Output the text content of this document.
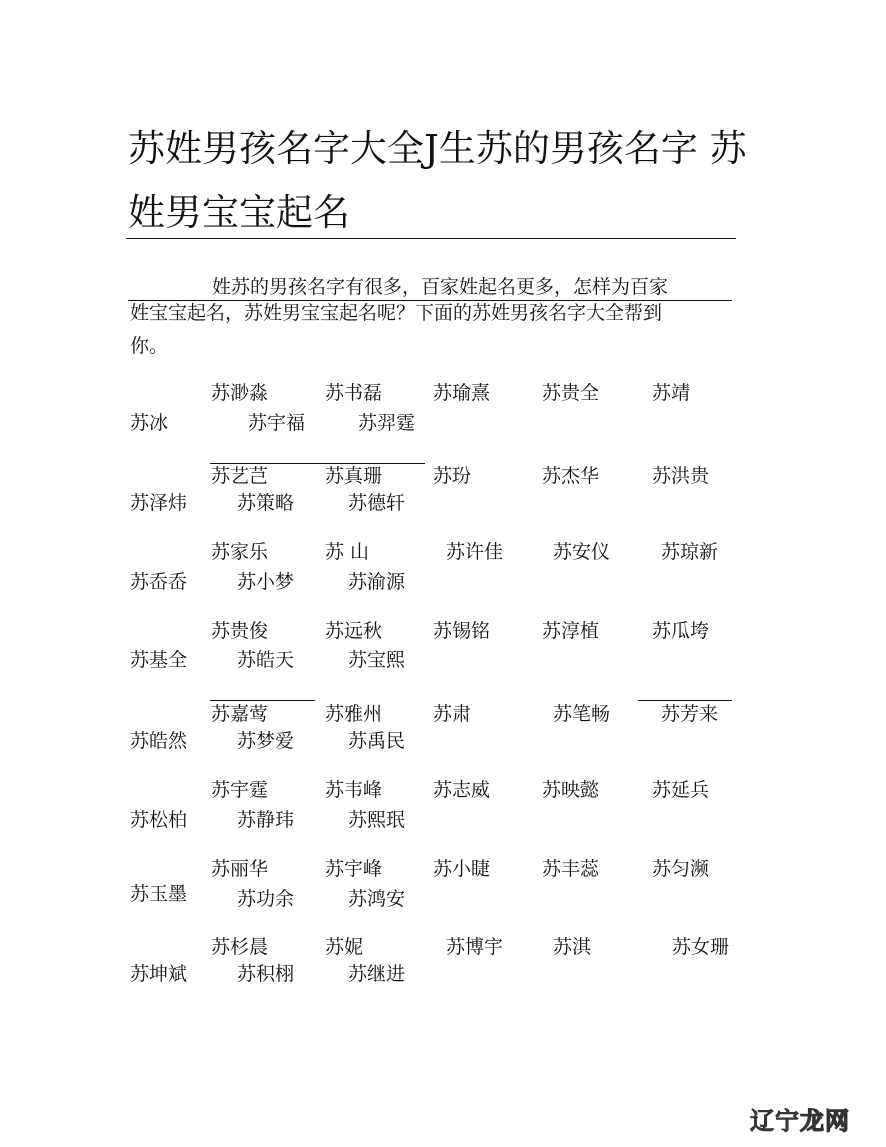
苏姓男孩名字大全J生苏的男孩名字 苏
姓男宝宝起名
姓苏的男孩名字有很多，百家姓起名更多，怎样为百家
姓宝宝起名，苏姓男宝宝起名呢？下面的苏姓男孩名字大全帮到
你。
苏渺淼	苏书磊	苏瑜熹	苏贵全	苏靖
苏冰	苏宇福	苏羿霆
苏艺芑	苏真珊	苏玢	苏杰华	苏洪贵
苏泽炜	苏策略	苏德轩
苏家乐	苏 山	苏许佳	苏安仪	苏琼新
苏岙岙	苏小梦	苏渝源
苏贵俊	苏远秋	苏锡铭	苏淳植	苏瓜垮
苏基全	苏皓天	苏宝熙
苏嘉莺	苏雅州	苏肃	苏笔畅	苏芳来
苏皓然	苏梦爱	苏禹民
苏宇霆	苏韦峰	苏志威	苏映懿	苏延兵
苏松柏	苏静玮	苏熙珉
苏丽华	苏宇峰	苏小睫	苏丰蕊	苏匀濒
苏玉墨	苏功余	苏鸿安
苏杉晨	苏妮	苏博宇	苏淇	苏女珊
苏坤斌	苏积栩	苏继进
辽宁龙网
